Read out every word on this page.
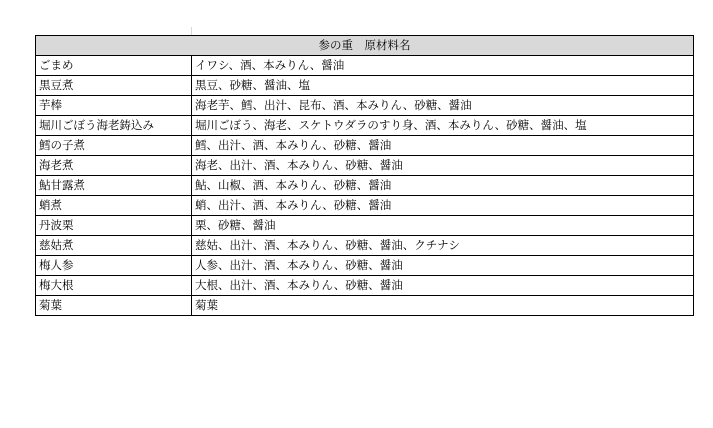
参の重　原材料名	
ごまめ	イワシ、酒、本みりん、醤油
黒豆煮	黒豆、砂糖、醤油、塩
芋棒	海老芋、鱈、出汁、昆布、酒、本みりん、砂糖、醤油
堀川ごぼう海老鋳込み	堀川ごぼう、海老、スケトウダラのすり身、酒、本みりん、砂糖、醤油、塩
鱈の子煮	鱈、出汁、酒、本みりん、砂糖、醤油
海老煮	海老、出汁、酒、本みりん、砂糖、醤油
鮎甘露煮	鮎、山椒、酒、本みりん、砂糖、醤油
蛸煮	蛸、出汁、酒、本みりん、砂糖、醤油
丹波栗	栗、砂糖、醤油
慈姑煮	慈姑、出汁、酒、本みりん、砂糖、醤油、クチナシ
梅人参	人参、出汁、酒、本みりん、砂糖、醤油
梅大根	大根、出汁、酒、本みりん、砂糖、醤油
菊葉	菊葉
